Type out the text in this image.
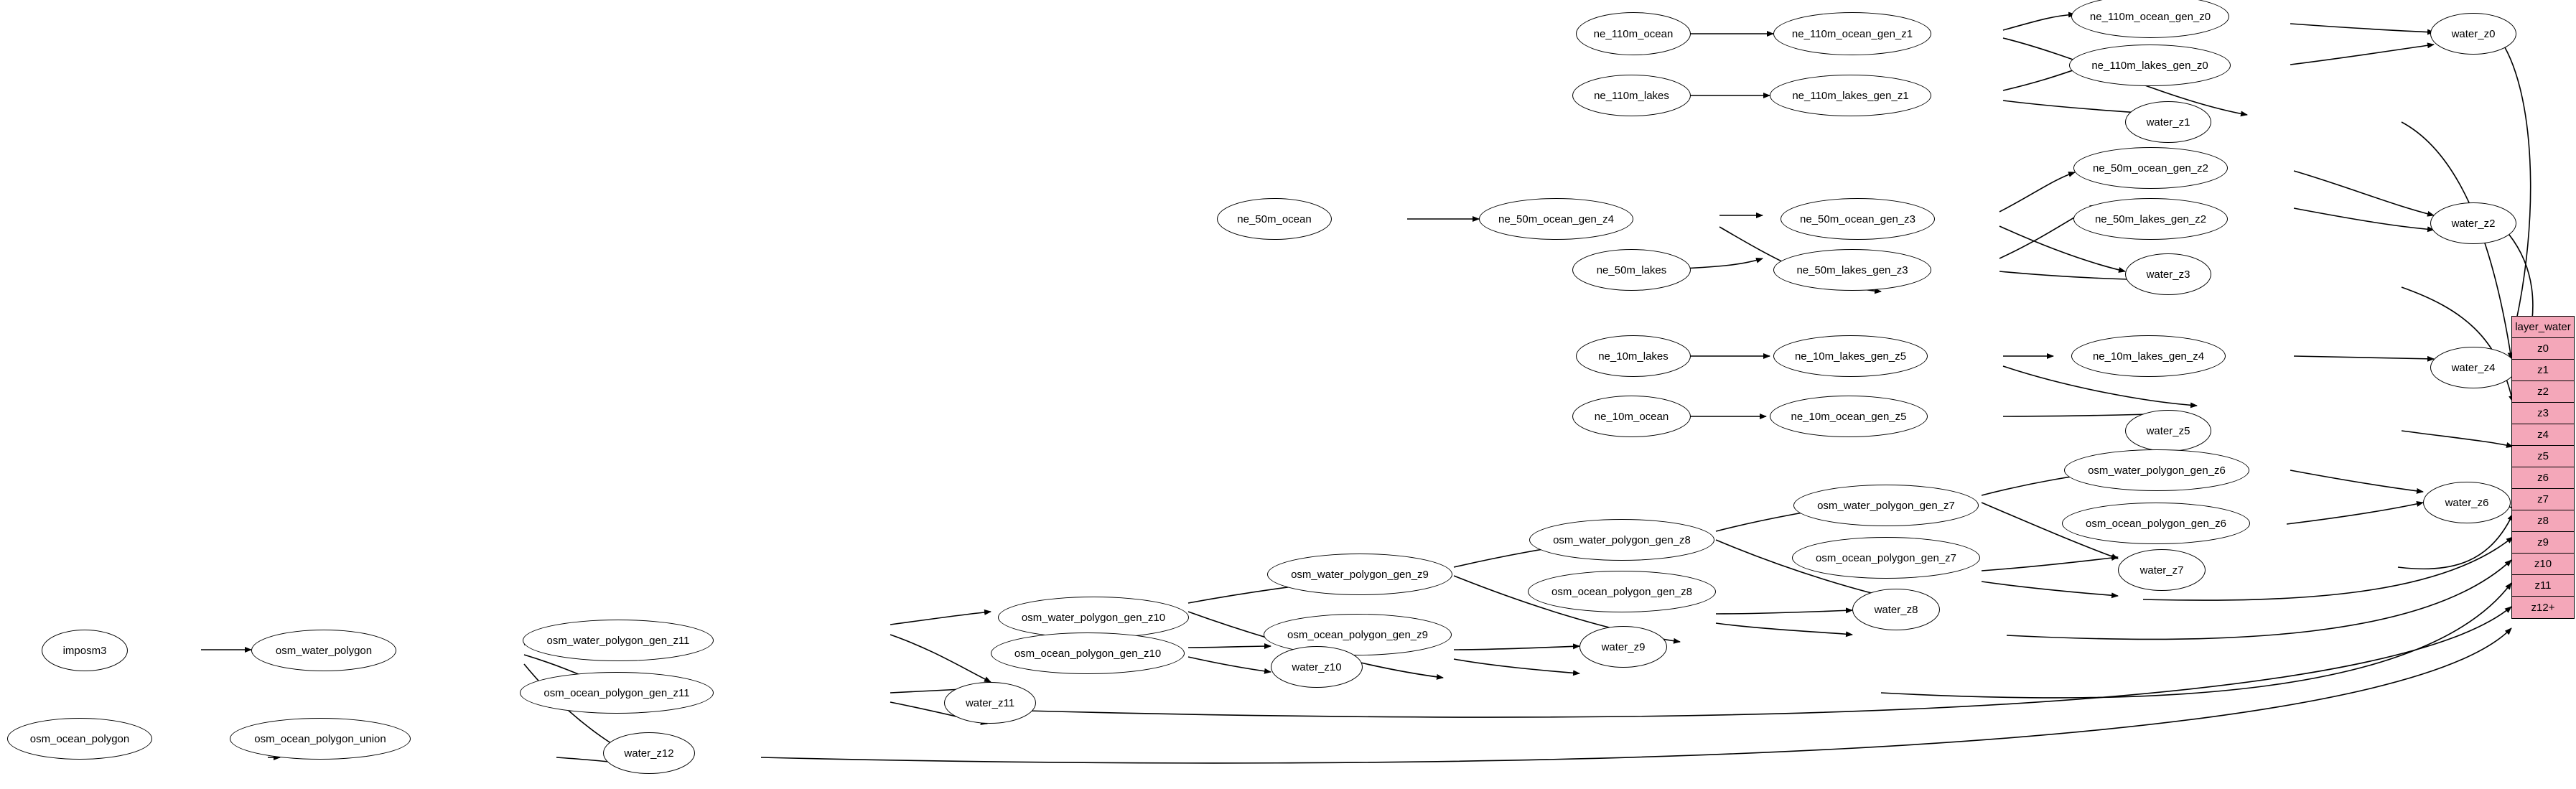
ne_110m_ocean	ne_110m_ocean_gen_z1
ne_110m_ocean_gen_z0
water_z0
ne_110m_lakes	ne_110m_lakes_gen_z1
ne_110m_lakes_gen_z0
water_z1
ne_50m_ocean	ne_50m_ocean_gen_z4	ne_50m_ocean_gen_z3
ne_50m_ocean_gen_z2
ne_50m_lakes_gen_z2	water_z2
ne_50m_lakes	ne_50m_lakes_gen_z3	water_z3
ne_10m_lakes	ne_10m_lakes_gen_z5	ne_10m_lakes_gen_z4
water_z4
ne_10m_ocean	ne_10m_ocean_gen_z5
water_z5
osm_water_polygon_gen_z6
water_z6
osm_water_polygon_gen_z7
osm_ocean_polygon_gen_z6
osm_water_polygon_gen_z8
osm_ocean_polygon_gen_z7
water_z7
osm_water_polygon_gen_z9
osm_ocean_polygon_gen_z8
water_z8
osm_water_polygon_gen_z10
osm_ocean_polygon_gen_z9
water_z9
osm_water_polygon
osm_water_polygon_gen_z11
osm_ocean_polygon_gen_z10
water_z10
imposm3
osm_ocean_polygon_gen_z11
water_z11
osm_ocean_polygon	osm_ocean_polygon_union
water_z12
layer_water
z0
z1
z2
z3
z4
z5
z6
z7
z8
z9
z10
z11
z12+
